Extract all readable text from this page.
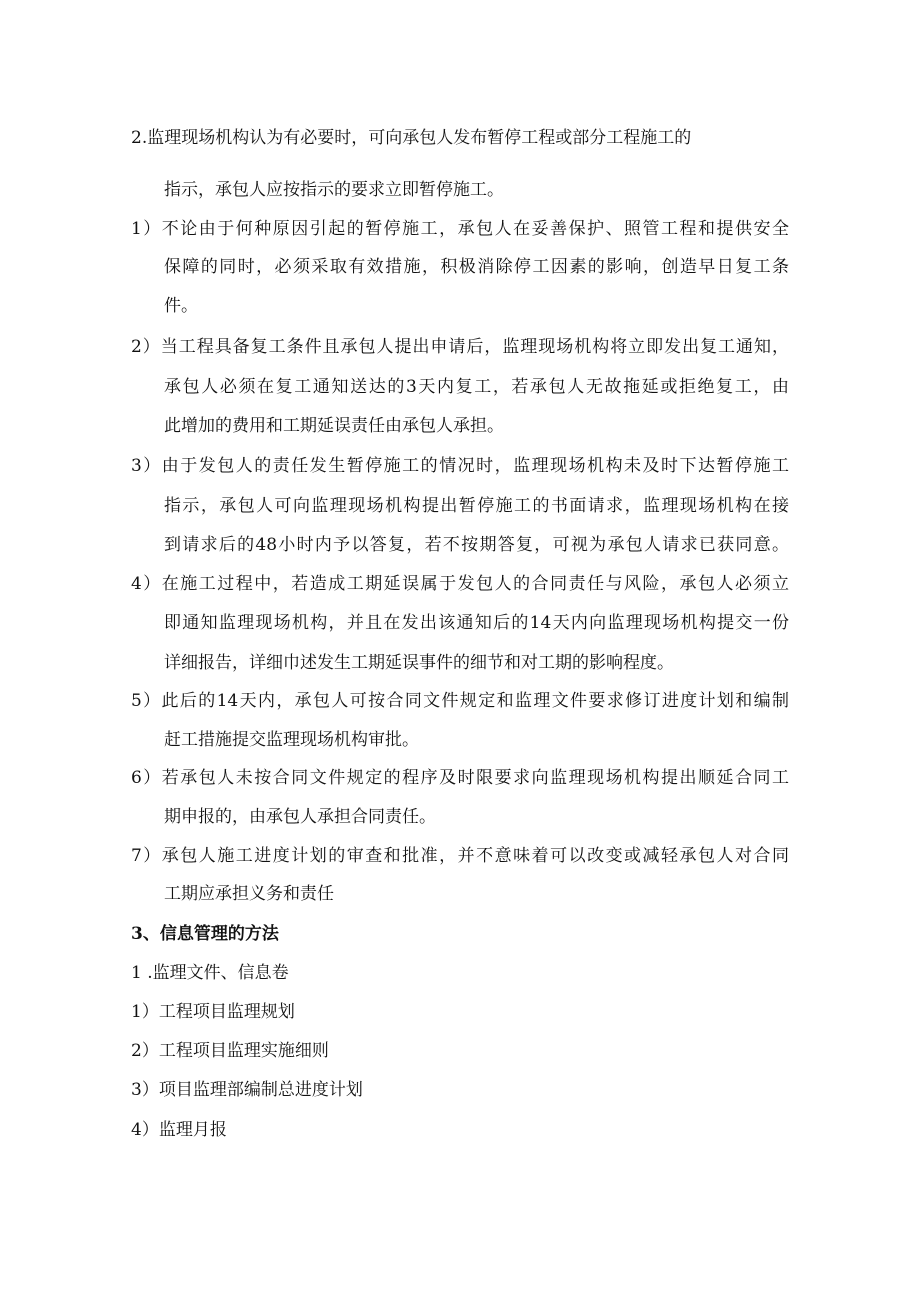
2.监理现场机构认为有必要时，可向承包人发布暂停工程或部分工程施工的
指示，承包人应按指示的要求立即暂停施工。
1）不论由于何种原因引起的暂停施工，承包人在妥善保护、照管工程和提供安全
保障的同时，必须采取有效措施，积极消除停工因素的影响，创造早日复工条
件。
2）当工程具备复工条件且承包人提出申请后，监理现场机构将立即发出复工通知，
承包人必须在复工通知送达的3天内复工，若承包人无故拖延或拒绝复工，由
此增加的费用和工期延误责任由承包人承担。
3）由于发包人的责任发生暂停施工的情况时，监理现场机构未及时下达暂停施工
指示，承包人可向监理现场机构提出暂停施工的书面请求，监理现场机构在接
到请求后的48小时内予以答复，若不按期答复，可视为承包人请求已获同意。
4）在施工过程中，若造成工期延误属于发包人的合同责任与风险，承包人必须立
即通知监理现场机构，并且在发出该通知后的14天内向监理现场机构提交一份
详细报告，详细巾述发生工期延误事件的细节和对工期的影响程度。
5）此后的14天内，承包人可按合同文件规定和监理文件要求修订进度计划和编制
赶工措施提交监理现场机构审批。
6）若承包人未按合同文件规定的程序及时限要求向监理现场机构提出顺延合同工
期申报的，由承包人承担合同责任。
7）承包人施工进度计划的审查和批准，并不意味着可以改变或减轻承包人对合同
工期应承担义务和责任
3、信息管理的方法
1 .监理文件、信息卷
1）工程项目监理规划
2）工程项目监理实施细则
3）项目监理部编制总进度计划
4）监理月报
